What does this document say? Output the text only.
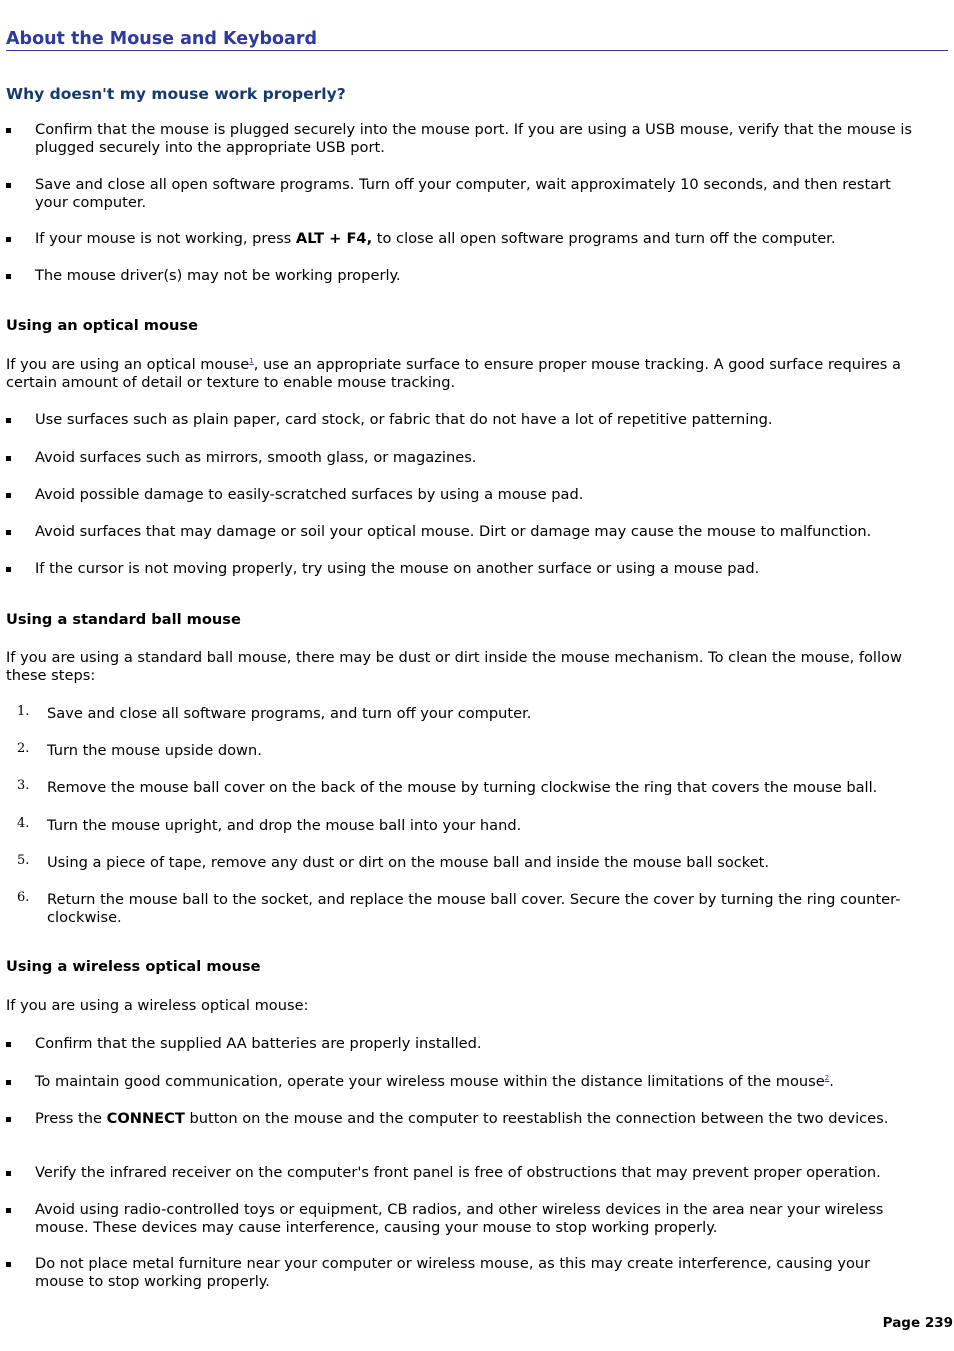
About the Mouse and Keyboard
Why doesn't my mouse work properly?
Confirm that the mouse is plugged securely into the mouse port. If you are using a USB mouse, verify that the mouse is plugged securely into the appropriate USB port.
Save and close all open software programs. Turn off your computer, wait approximately 10 seconds, and then restart your computer.
If your mouse is not working, press ALT + F4, to close all open software programs and turn off the computer.
The mouse driver(s) may not be working properly.
Using an optical mouse
If you are using an optical mouse$^1$, use an appropriate surface to ensure proper mouse tracking. A good surface requires a certain amount of detail or texture to enable mouse tracking.
Use surfaces such as plain paper, card stock, or fabric that do not have a lot of repetitive patterning.
Avoid surfaces such as mirrors, smooth glass, or magazines.
Avoid possible damage to easily-scratched surfaces by using a mouse pad.
Avoid surfaces that may damage or soil your optical mouse. Dirt or damage may cause the mouse to malfunction.
If the cursor is not moving properly, try using the mouse on another surface or using a mouse pad.
Using a standard ball mouse
If you are using a standard ball mouse, there may be dust or dirt inside the mouse mechanism. To clean the mouse, follow these steps:
1. Save and close all software programs, and turn off your computer.
2. Turn the mouse upside down.
3. Remove the mouse ball cover on the back of the mouse by turning clockwise the ring that covers the mouse ball.
4. Turn the mouse upright, and drop the mouse ball into your hand.
5. Using a piece of tape, remove any dust or dirt on the mouse ball and inside the mouse ball socket.
6. Return the mouse ball to the socket, and replace the mouse ball cover. Secure the cover by turning the ring counter-clockwise.
Using a wireless optical mouse
If you are using a wireless optical mouse:
Confirm that the supplied AA batteries are properly installed.
To maintain good communication, operate your wireless mouse within the distance limitations of the mouse$^2$.
Press the CONNECT button on the mouse and the computer to reestablish the connection between the two devices.
Verify the infrared receiver on the computer's front panel is free of obstructions that may prevent proper operation.
Avoid using radio-controlled toys or equipment, CB radios, and other wireless devices in the area near your wireless mouse. These devices may cause interference, causing your mouse to stop working properly.
Do not place metal furniture near your computer or wireless mouse, as this may create interference, causing your mouse to stop working properly.
Page 239
